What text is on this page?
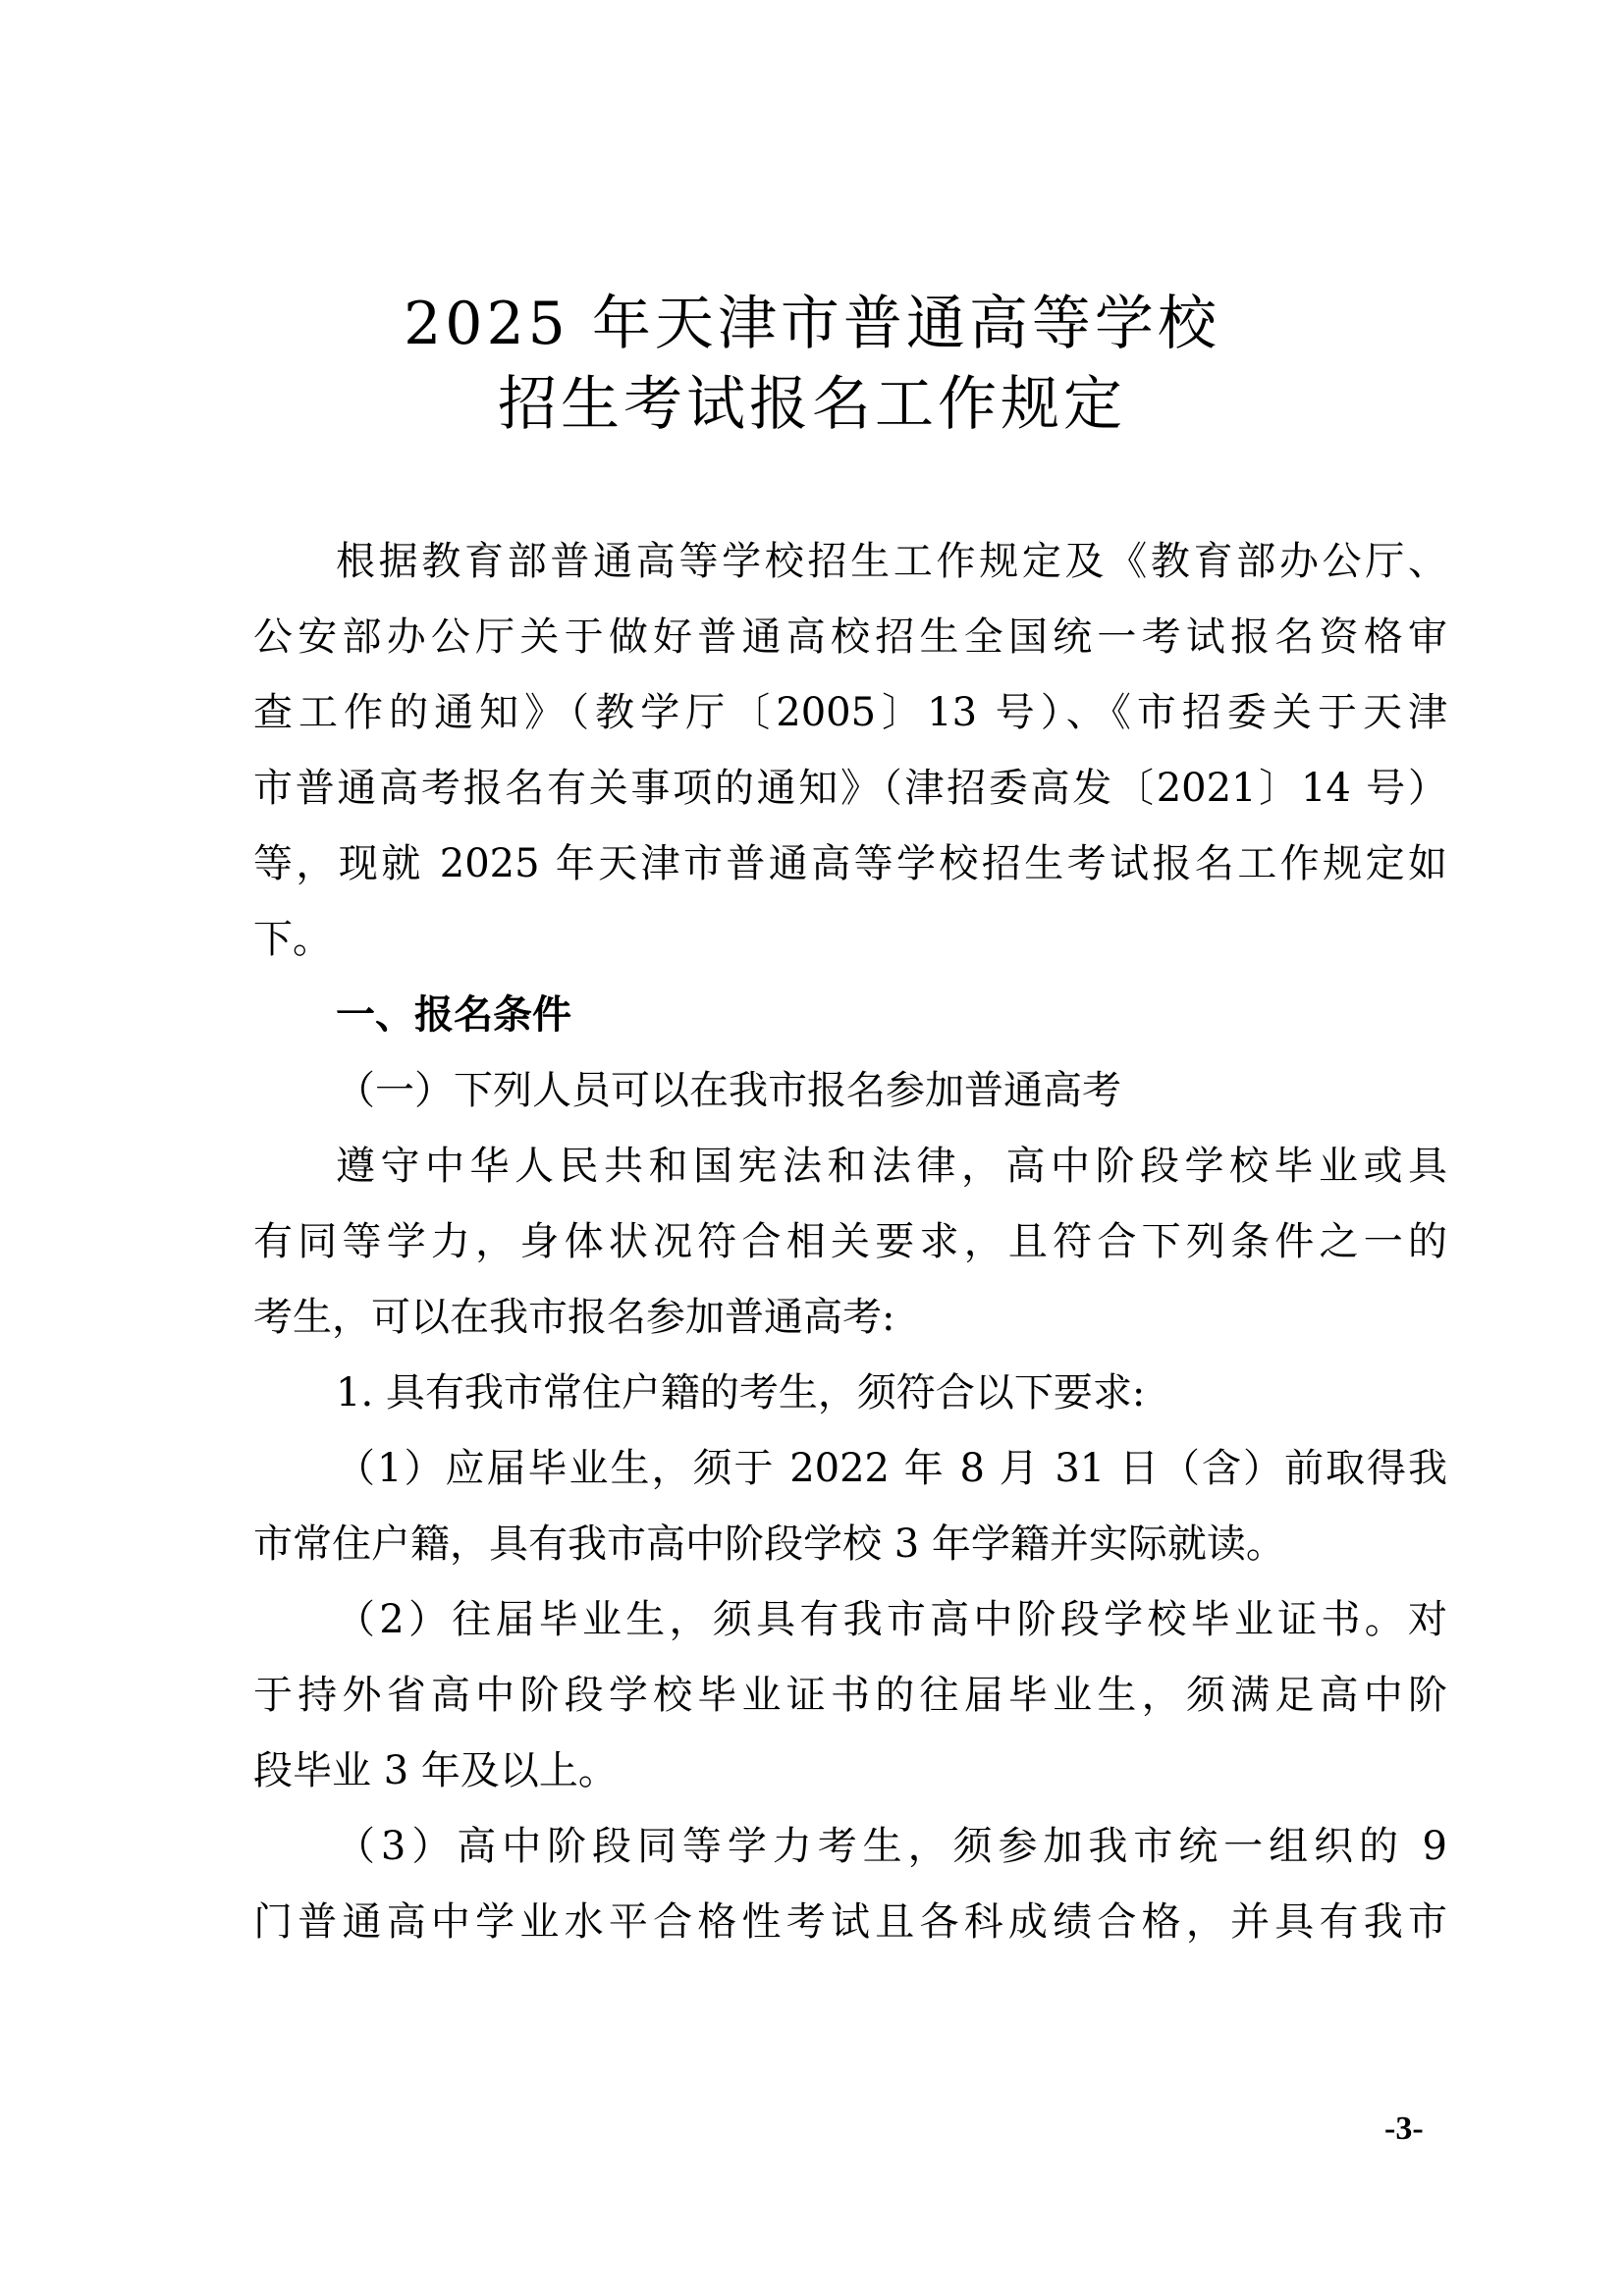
2025 年天津市普通高等学校
招生考试报名工作规定
根据教育部普通高等学校招生工作规定及《教育部办公厅、
公安部办公厅关于做好普通高校招生全国统一考试报名资格审
查工作的通知》（教学厅〔2005〕13 号）、《市招委关于天津
市普通高考报名有关事项的通知》（津招委高发〔2021〕14 号）
等，现就 2025 年天津市普通高等学校招生考试报名工作规定如
下。
一、报名条件
（一）下列人员可以在我市报名参加普通高考
遵守中华人民共和国宪法和法律，高中阶段学校毕业或具
有同等学力，身体状况符合相关要求，且符合下列条件之一的
考生，可以在我市报名参加普通高考:
1. 具有我市常住户籍的考生，须符合以下要求:
（1）应届毕业生，须于 2022 年 8 月 31 日（含）前取得我
市常住户籍，具有我市高中阶段学校 3 年学籍并实际就读。
（2）往届毕业生，须具有我市高中阶段学校毕业证书。对
于持外省高中阶段学校毕业证书的往届毕业生，须满足高中阶
段毕业 3 年及以上。
（3）高中阶段同等学力考生，须参加我市统一组织的 9
门普通高中学业水平合格性考试且各科成绩合格，并具有我市
-3-
